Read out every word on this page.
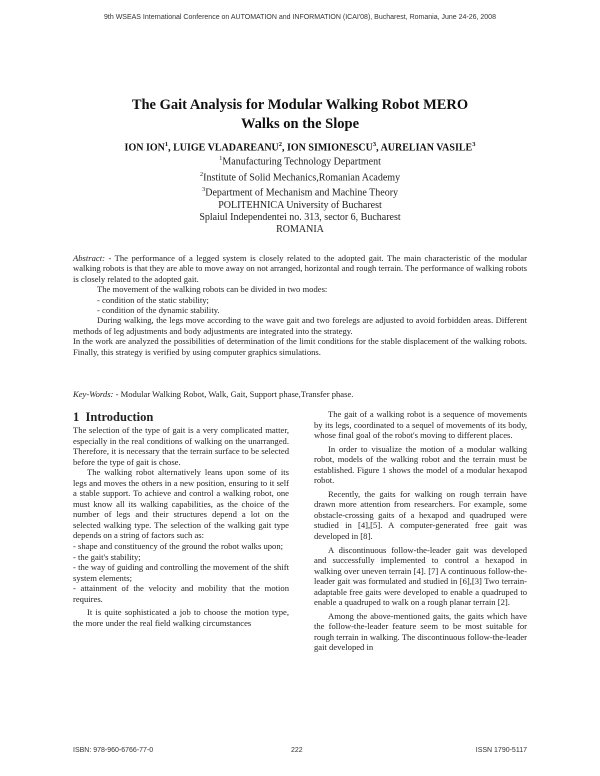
9th WSEAS International Conference on AUTOMATION and INFORMATION (ICAI'08), Bucharest, Romania, June 24-26, 2008
The Gait Analysis for Modular Walking Robot MERO
Walks on the Slope
ION ION$^1$, LUIGE VLADAREANU$^2$, ION SIMIONESCU$^3$, AURELIAN VASILE$^3$
$^1$Manufacturing Technology Department
$^2$Institute of Solid Mechanics,Romanian Academy
$^3$Department of Mechanism and Machine Theory
POLITEHNICA University of Bucharest
Splaiul Independentei no. 313, sector 6, Bucharest
ROMANIA

Abstract: - The performance of a legged system is closely related to the adopted gait. The main characteristic of the modular walking robots is that they are able to move away on not arranged, horizontal and rough terrain. The performance of walking robots is closely related to the adopted gait.

The movement of the walking robots can be divided in two modes:

- condition of the static stability;

- condition of the dynamic stability.

During walking, the legs move according to the wave gait and two forelegs are adjusted to avoid forbidden areas. Different methods of leg adjustments and body adjustments are integrated into the strategy.

In the work are analyzed the possibilities of determination of the limit conditions for the stable displacement of the walking robots. Finally, this strategy is verified by using computer graphics simulations.

Key-Words: - Modular Walking Robot, Walk, Gait, Support phase,Transfer phase.
1 Introduction

The selection of the type of gait is a very complicated matter, especially in the real conditions of walking on the unarranged. Therefore, it is necessary that the terrain surface to be selected before the type of gait is chose.

The walking robot alternatively leans upon some of its legs and moves the others in a new position, ensuring to it self a stable support. To achieve and control a walking robot, one must know all its walking capabilities, as the choice of the number of legs and their structures depend a lot on the selected walking type. The selection of the walking gait type depends on a string of factors such as:

- shape and constituency of the ground the robot walks upon;

- the gait's stability;

- the way of guiding and controlling the movement of the shift system elements;

- attainment of the velocity and mobility that the motion requires.

It is quite sophisticated a job to choose the motion type, the more under the real field walking circumstances

The gait of a walking robot is a sequence of movements by its legs, coordinated to a sequel of movements of its body, whose final goal of the robot's moving to different places.

In order to visualize the motion of a modular walking robot, models of the walking robot and the terrain must be established. Figure 1 shows the model of a modular hexapod robot.

Recently, the gaits for walking on rough terrain have drawn more attention from researchers. For example, some obstacle-crossing gaits of a hexapod and quadruped were studied in [4],[5]. A computer-generated free gait was developed in [8].

A discontinuous follow-the-leader gait was developed and successfully implemented to control a hexapod in walking over uneven terrain [4]. [7] A continuous follow-the-leader gait was formulated and studied in [6],[3] Two terrain-adaptable free gaits were developed to enable a quadruped to enable a quadruped to walk on a rough planar terrain [2].

Among the above-mentioned gaits, the gaits which have the follow-the-leader feature seem to be most suitable for rough terrain in walking. The discontinuous follow-the-leader gait developed in

ISBN: 978-960-6766-77-0	222	ISSN 1790-5117
